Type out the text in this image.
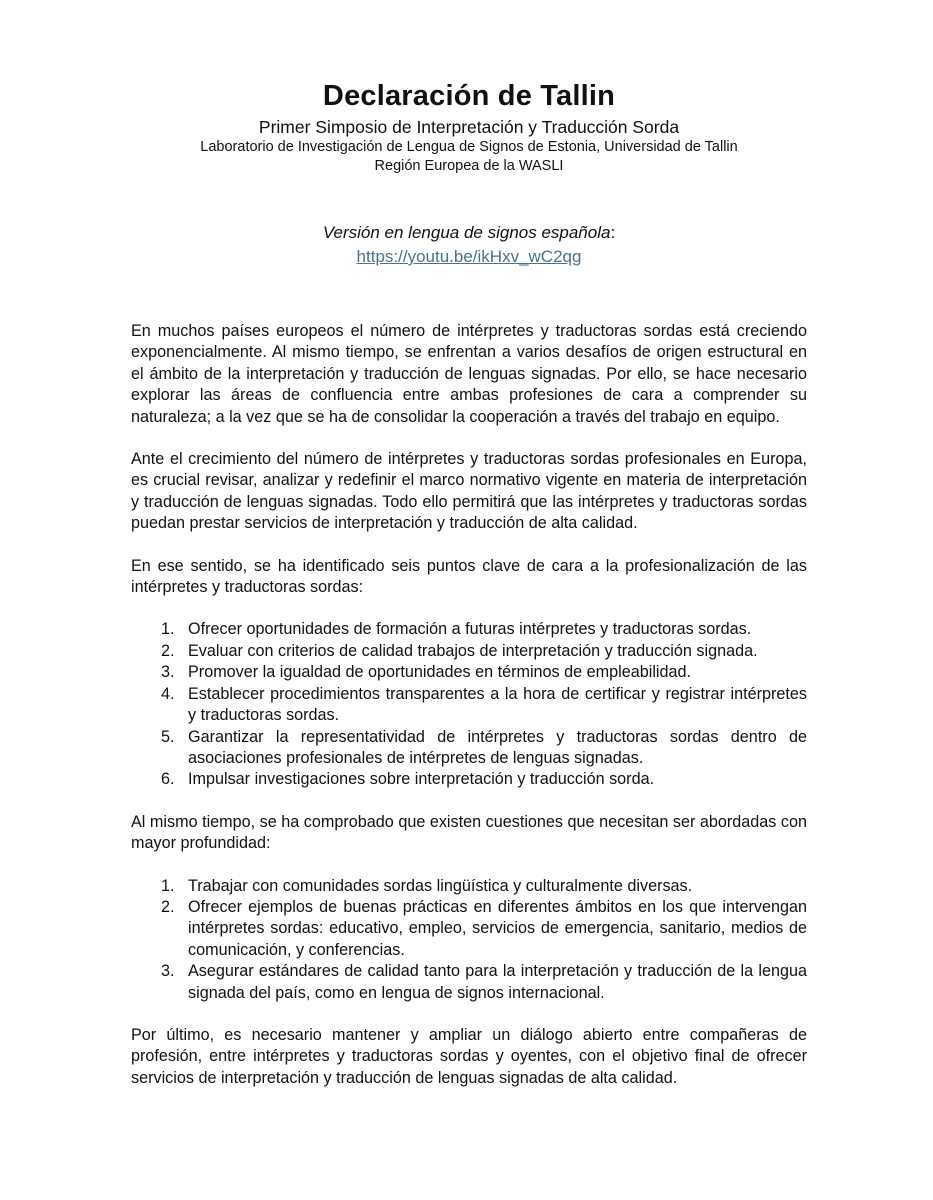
Declaración de Tallin

Primer Simposio de Interpretación y Traducción Sorda

Laboratorio de Investigación de Lengua de Signos de Estonia, Universidad de Tallin

Región Europea de la WASLI

Versión en lengua de signos española:
https://youtu.be/ikHxv_wC2qg

En muchos países europeos el número de intérpretes y traductoras sordas está creciendo exponencialmente. Al mismo tiempo, se enfrentan a varios desafíos de origen estructural en el ámbito de la interpretación y traducción de lenguas signadas. Por ello, se hace necesario explorar las áreas de confluencia entre ambas profesiones de cara a comprender su naturaleza; a la vez que se ha de consolidar la cooperación a través del trabajo en equipo.

Ante el crecimiento del número de intérpretes y traductoras sordas profesionales en Europa, es crucial revisar, analizar y redefinir el marco normativo vigente en materia de interpretación y traducción de lenguas signadas. Todo ello permitirá que las intérpretes y traductoras sordas puedan prestar servicios de interpretación y traducción de alta calidad.

En ese sentido, se ha identificado seis puntos clave de cara a la profesionalización de las intérpretes y traductoras sordas:

1. Ofrecer oportunidades de formación a futuras intérpretes y traductoras sordas.
2. Evaluar con criterios de calidad trabajos de interpretación y traducción signada.
3. Promover la igualdad de oportunidades en términos de empleabilidad.
4. Establecer procedimientos transparentes a la hora de certificar y registrar intérpretes y traductoras sordas.
5. Garantizar la representatividad de intérpretes y traductoras sordas dentro de asociaciones profesionales de intérpretes de lenguas signadas.
6. Impulsar investigaciones sobre interpretación y traducción sorda.

Al mismo tiempo, se ha comprobado que existen cuestiones que necesitan ser abordadas con mayor profundidad:

1. Trabajar con comunidades sordas lingüística y culturalmente diversas.
2. Ofrecer ejemplos de buenas prácticas en diferentes ámbitos en los que intervengan intérpretes sordas: educativo, empleo, servicios de emergencia, sanitario, medios de comunicación, y conferencias.
3. Asegurar estándares de calidad tanto para la interpretación y traducción de la lengua signada del país, como en lengua de signos internacional.

Por último, es necesario mantener y ampliar un diálogo abierto entre compañeras de profesión, entre intérpretes y traductoras sordas y oyentes, con el objetivo final de ofrecer servicios de interpretación y traducción de lenguas signadas de alta calidad.
